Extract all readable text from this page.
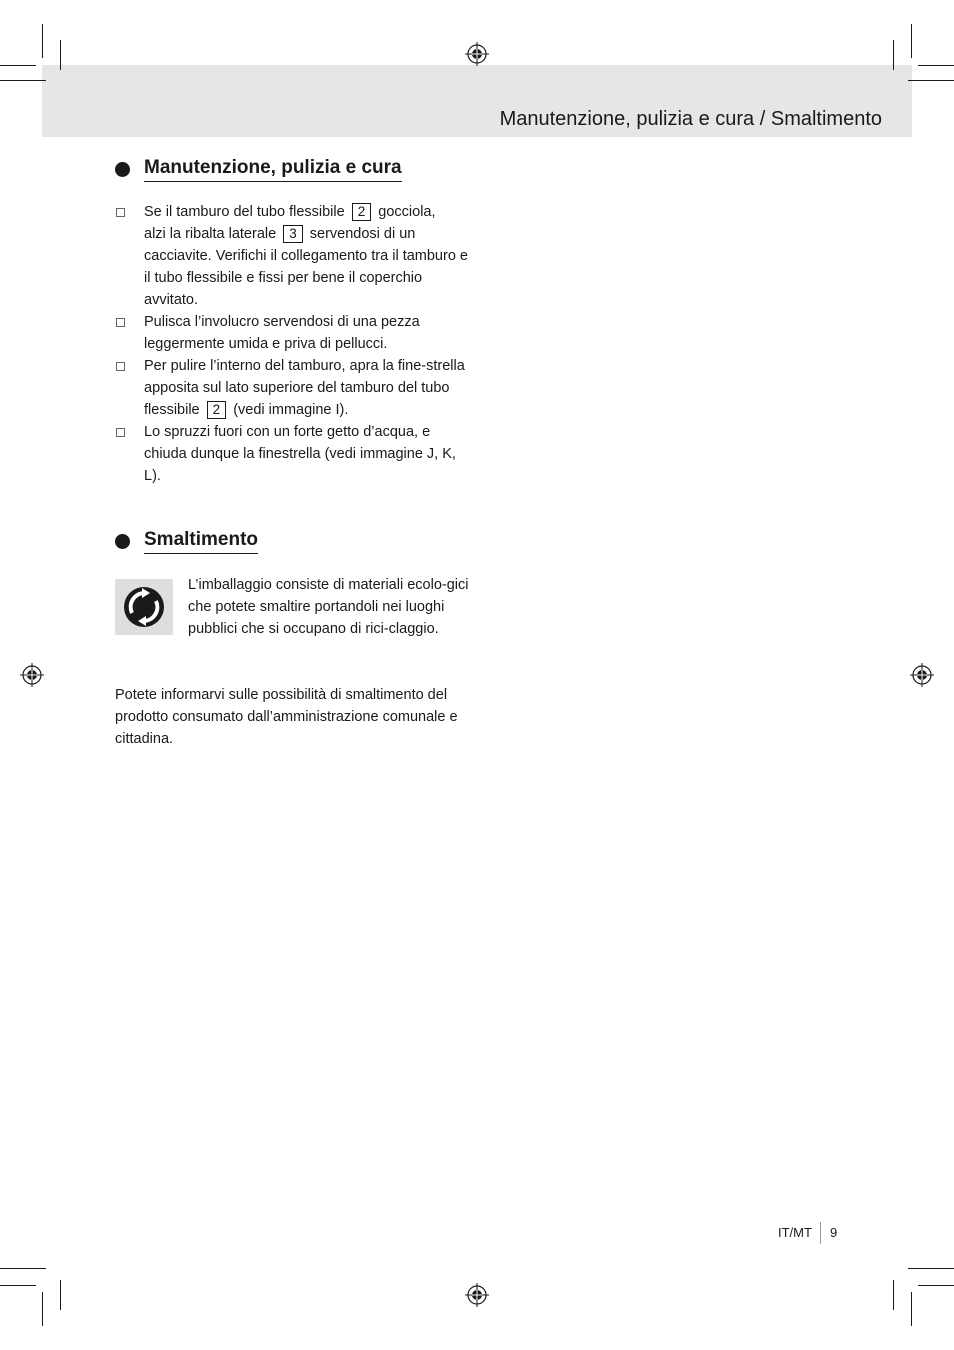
Manutenzione, pulizia e cura / Smaltimento
Manutenzione, pulizia e cura
Se il tamburo del tubo flessibile 2 gocciola,
alzi la ribalta laterale 3 servendosi di un cacciavite. Verifichi il collegamento tra il tamburo e il tubo flessibile e fissi per bene il coperchio avvitato.
Pulisca l’involucro servendosi di una pezza leggermente umida e priva di pellucci.
Per pulire l’interno del tamburo, apra la fine-strella apposita sul lato superiore del tamburo del tubo flessibile 2 (vedi immagine I).
Lo spruzzi fuori con un forte getto d’acqua, e chiuda dunque la finestrella (vedi immagine J, K, L).
Smaltimento
L’imballaggio consiste di materiali ecolo-gici che potete smaltire portandoli nei luoghi pubblici che si occupano di rici-claggio.
Potete informarvi sulle possibilità di smaltimento del prodotto consumato dall’amministrazione comunale e cittadina.
IT/MT 9
